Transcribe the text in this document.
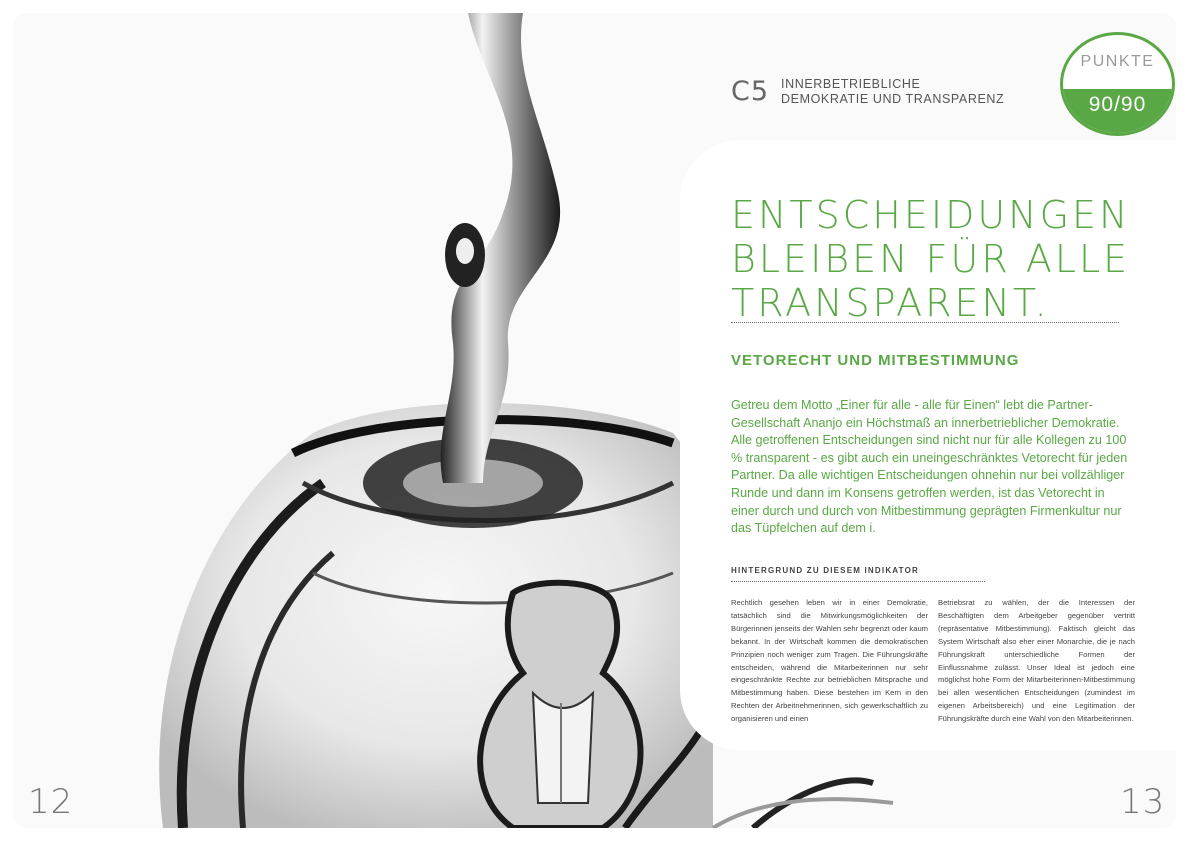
12
C5 INNERBETRIEBLICHE
DEMOKRATIE UND TRANSPARENZ
PUNKTE
90/90
ENTSCHEIDUNGEN
BLEIBEN FÜR ALLE
TRANSPARENT.
VETORECHT UND MITBESTIMMUNG
Getreu dem Motto „Einer für alle - alle für Einen“ lebt die Partner-Gesellschaft Ananjo ein Höchstmaß an innerbetrieblicher Demokratie. Alle getroffenen Entscheidungen sind nicht nur für alle Kollegen zu 100 % transparent - es gibt auch ein uneingeschränktes Vetorecht für jeden Partner. Da alle wichtigen Entscheidungen ohnehin nur bei vollzähliger Runde und dann im Konsens getroffen werden, ist das Vetorecht in einer durch und durch von Mitbestimmung geprägten Firmenkultur nur das Tüpfelchen auf dem i.
HINTERGRUND ZU DIESEM INDIKATOR
Rechtlich gesehen leben wir in einer Demokratie, tatsächlich sind die Mitwirkungsmöglichkeiten der Bürgerinnen jenseits der Wahlen sehr begrenzt oder kaum bekannt. In der Wirtschaft kommen die demokratischen Prinzipien noch weniger zum Tragen. Die Führungskräfte entscheiden, während die Mitarbeiterinnen nur sehr eingeschränkte Rechte zur betrieblichen Mitsprache und Mitbestimmung haben. Diese bestehen im Kern in den Rechten der Arbeitnehmerinnen, sich gewerkschaftlich zu organisieren und einen
Betriebsrat zu wählen, der die Interessen der Beschäftigten dem Arbeitgeber gegenüber vertritt (repräsentative Mitbestimmung). Faktisch gleicht das System Wirtschaft also eher einer Monarchie, die je nach Führungskraft unterschiedliche Formen der Einflussnahme zulässt. Unser Ideal ist jedoch eine möglichst hohe Form der Mitarbeiterinnen-Mitbestimmung bei allen wesentlichen Entscheidungen (zumindest im eigenen Arbeitsbereich) und eine Legitimation der Führungskräfte durch eine Wahl von den Mitarbeiterinnen.
13
